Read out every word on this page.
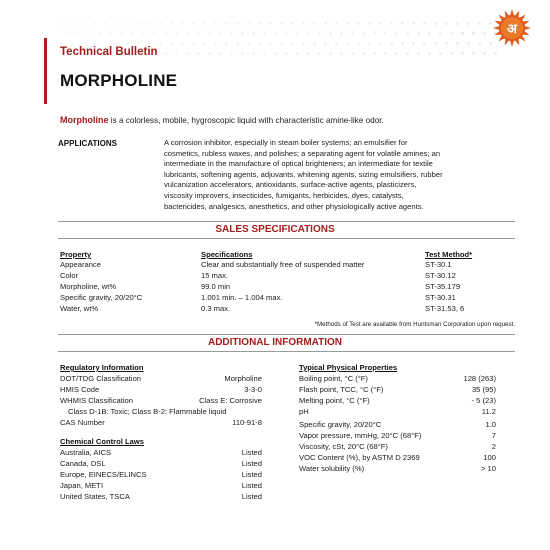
अ
Technical Bulletin
MORPHOLINE
Morpholine is a colorless, mobile, hygroscopic liquid with characteristic amine-like odor.
APPLICATIONS	A corrosion inhibitor, especially in steam boiler systems; an emulsifier for
cosmetics, rubless waxes, and polishes; a separating agent for volatile amines; an
intermediate in the manufacture of optical brighteners; an intermediate for textile
lubricants, softening agents, adjuvants, whitening agents, sizing emulsifiers, rubber
vulcanization accelerators, antioxidants, surface-active agents, plasticizers,
viscosity improvers, insecticides, fumigants, herbicides, dyes, catalysts,
bactericides, analgesics, anesthetics, and other physiologically active agents.
SALES SPECIFICATIONS
Property	Specifications	Test Method*
Appearance	Clear and substantially free of suspended matter	ST-30.1
Color	15 max.	ST-30.12
Morpholine, wt%	99.0 min	ST-35.179
Specific gravity, 20/20°C	1.001 min. – 1.004 max.	ST-30.31
Water, wt%	0.3 max.	ST-31.53, 6
*Methods of Test are available from Huntsman Corporation upon request.
ADDITIONAL INFORMATION
Regulatory Information
DOT/TDG Classification	Morpholine
HMIS Code	3-3-0
WHMIS Classification	Class E: Corrosive
Class D-1B: Toxic; Class B-2: Flammable liquid
CAS Number	110-91-8
Chemical Control Laws
Australia, AICS	Listed
Canada, DSL	Listed
Europe, EINECS/ELINCS	Listed
Japan, METI	Listed
United States, TSCA	Listed
Typical Physical Properties
Boiling point, °C (°F)	128 (263)
Flash point, TCC, °C (°F)	35 (95)
Melting point, °C (°F)	- 5 (23)
pH	11.2
Specific gravity, 20/20°C	1.0
Vapor pressure, mmHg, 20°C (68°F)	7
Viscosity, cSt, 20°C (68°F)	2
VOC Content (%), by ASTM D 2369	100
Water solubility (%)	> 10
